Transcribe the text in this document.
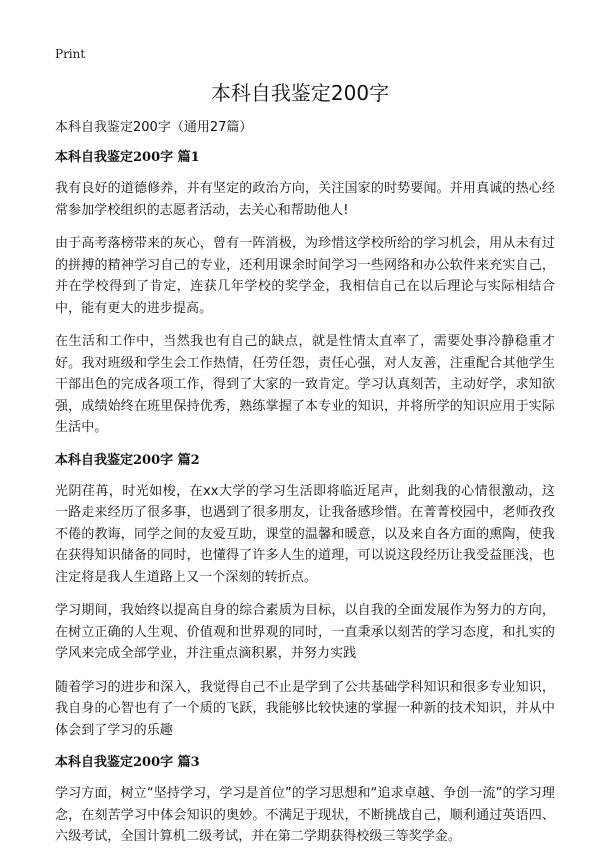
Print
本科自我鉴定200字

本科自我鉴定200字（通用27篇）

本科自我鉴定200字 篇1

我有良好的道德修养，并有坚定的政治方向，关注国家的时势要闻。并用真诚的热心经常参加学校组织的志愿者活动，去关心和帮助他人!

由于高考落榜带来的灰心，曾有一阵消极，为珍惜这学校所给的学习机会，用从未有过的拼搏的精神学习自己的专业，还利用课余时间学习一些网络和办公软件来充实自己，并在学校得到了肯定，连获几年学校的奖学金，我相信自己在以后理论与实际相结合中，能有更大的进步提高。

在生活和工作中，当然我也有自己的缺点，就是性情太直率了，需要处事冷静稳重才好。我对班级和学生会工作热情，任劳任怨，责任心强，对人友善，注重配合其他学生干部出色的完成各项工作，得到了大家的一致肯定。学习认真刻苦，主动好学，求知欲强，成绩始终在班里保持优秀，熟练掌握了本专业的知识，并将所学的知识应用于实际生活中。

本科自我鉴定200字 篇2

光阴荏苒，时光如梭，在xx大学的学习生活即将临近尾声，此刻我的心情很激动，这一路走来经历了很多事，也遇到了很多朋友，让我备感珍惜。在菁菁校园中，老师孜孜不倦的教诲，同学之间的友爱互助，课堂的温馨和暖意，以及来自各方面的熏陶，使我在获得知识储备的同时，也懂得了许多人生的道理，可以说这段经历让我受益匪浅，也注定将是我人生道路上又一个深刻的转折点。

学习期间，我始终以提高自身的综合素质为目标，以自我的全面发展作为努力的方向，在树立正确的人生观、价值观和世界观的同时，一直秉承以刻苦的学习态度，和扎实的学风来完成全部学业，并注重点滴积累，并努力实践

随着学习的进步和深入，我觉得自己不止是学到了公共基础学科知识和很多专业知识，我自身的心智也有了一个质的飞跃，我能够比较快速的掌握一种新的技术知识，并从中体会到了学习的乐趣

本科自我鉴定200字 篇3

学习方面，树立“坚持学习，学习是首位”的学习思想和“追求卓越、争创一流”的学习理念，在刻苦学习中体会知识的奥妙。不满足于现状，不断挑战自己，顺利通过英语四、六级考试，全国计算机二级考试，并在第二学期获得校级三等奖学金。
